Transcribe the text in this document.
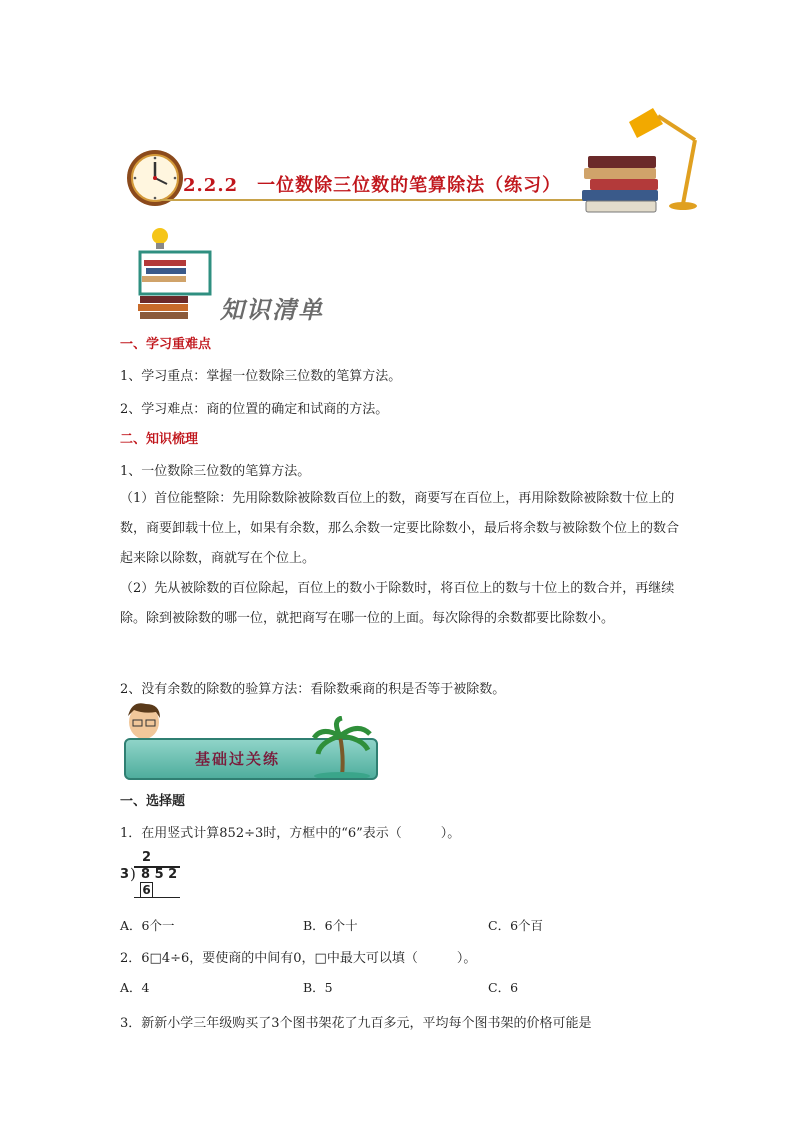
2.2.2　一位数除三位数的笔算除法（练习）
知识清单
一、学习重难点
1、学习重点：掌握一位数除三位数的笔算方法。
2、学习难点：商的位置的确定和试商的方法。
二、知识梳理
1、一位数除三位数的笔算方法。
（1）首位能整除：先用除数除被除数百位上的数，商要写在百位上，再用除数除被除数十位上的数，商要卸载十位上，如果有余数，那么余数一定要比除数小，最后将余数与被除数个位上的数合起来除以除数，商就写在个位上。
（2）先从被除数的百位除起，百位上的数小于除数时，将百位上的数与十位上的数合并，再继续除。除到被除数的哪一位，就把商写在哪一位的上面。每次除得的余数都要比除数小。
2、没有余数的除数的验算方法：看除数乘商的积是否等于被除数。
基础过关练
一、选择题
1．在用竖式计算852÷3时，方框中的“6”表示（　　　）。
2
3 ) 8 5 2
6
A．6个一	B．6个十	C．6个百
2．6□4÷6，要使商的中间有0，□中最大可以填（　　　）。
A．4	B．5	C．6
3．新新小学三年级购买了3个图书架花了九百多元，平均每个图书架的价格可能是
